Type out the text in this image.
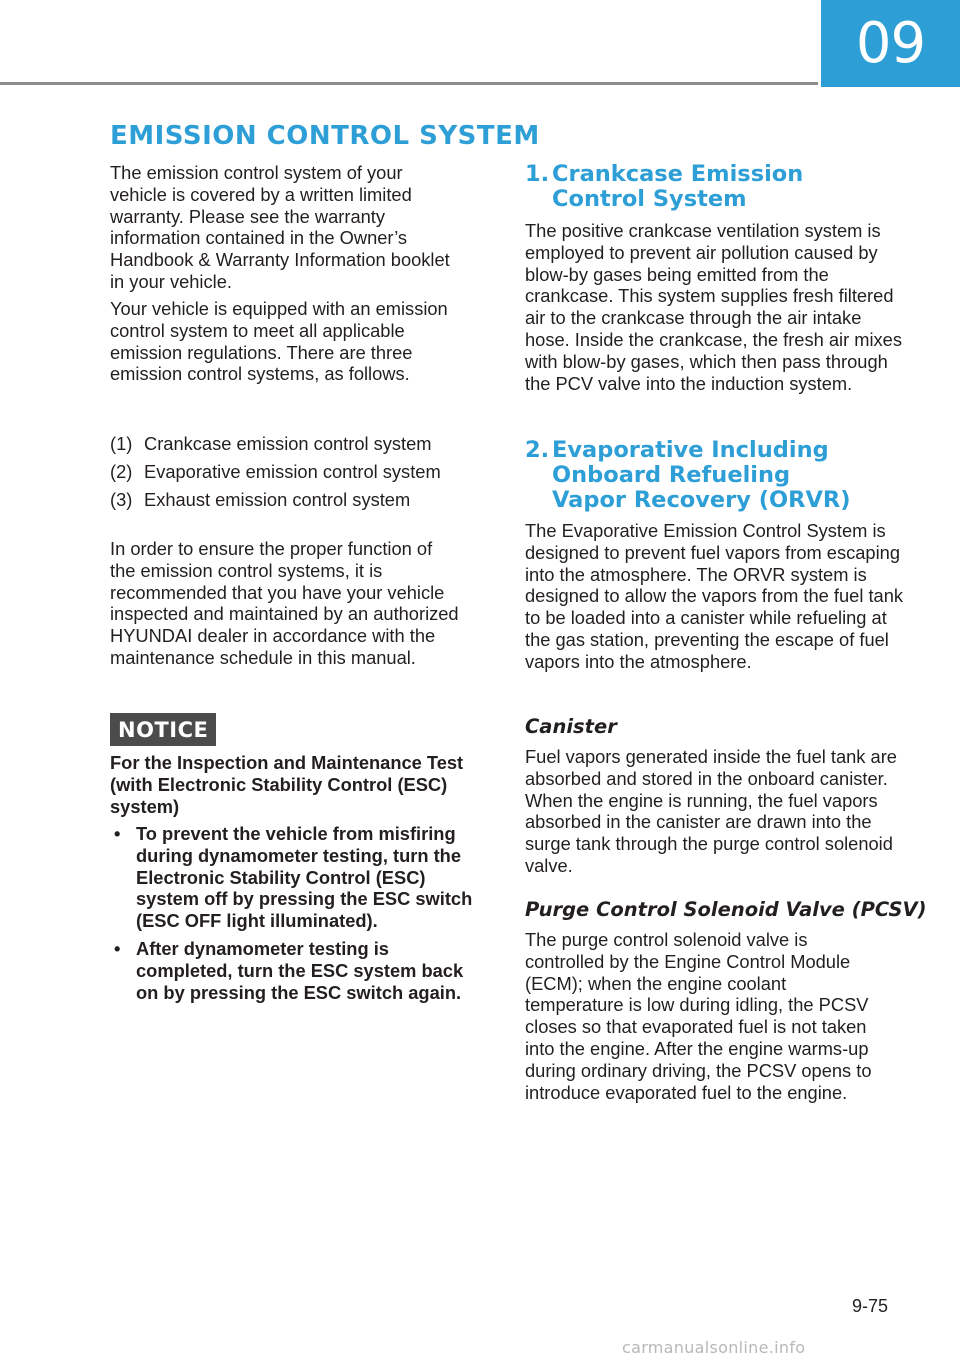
09
EMISSION CONTROL SYSTEM

The emission control system of your vehicle is covered by a written limited warranty. Please see the warranty information contained in the Owner’s Handbook & Warranty Information booklet in your vehicle.

Your vehicle is equipped with an emission control system to meet all applicable emission regulations. There are three emission control systems, as follows.

(1) Crankcase emission control system
(2) Evaporative emission control system
(3) Exhaust emission control system

In order to ensure the proper function of the emission control systems, it is recommended that you have your vehicle inspected and maintained by an authorized HYUNDAI dealer in accordance with the maintenance schedule in this manual.

NOTICE

For the Inspection and Maintenance Test (with Electronic Stability Control (ESC) system)

• To prevent the vehicle from misfiring during dynamometer testing, turn the Electronic Stability Control (ESC) system off by pressing the ESC switch (ESC OFF light illuminated).
• After dynamometer testing is completed, turn the ESC system back on by pressing the ESC switch again.
1. Crankcase Emission Control System

The positive crankcase ventilation system is employed to prevent air pollution caused by blow-by gases being emitted from the crankcase. This system supplies fresh filtered air to the crankcase through the air intake hose. Inside the crankcase, the fresh air mixes with blow-by gases, which then pass through the PCV valve into the induction system.

2. Evaporative Including Onboard Refueling Vapor Recovery (ORVR)

The Evaporative Emission Control System is designed to prevent fuel vapors from escaping into the atmosphere. The ORVR system is designed to allow the vapors from the fuel tank to be loaded into a canister while refueling at the gas station, preventing the escape of fuel vapors into the atmosphere.

Canister

Fuel vapors generated inside the fuel tank are absorbed and stored in the onboard canister. When the engine is running, the fuel vapors absorbed in the canister are drawn into the surge tank through the purge control solenoid valve.

Purge Control Solenoid Valve (PCSV)

The purge control solenoid valve is controlled by the Engine Control Module (ECM); when the engine coolant temperature is low during idling, the PCSV closes so that evaporated fuel is not taken into the engine. After the engine warms-up during ordinary driving, the PCSV opens to introduce evaporated fuel to the engine.

9-75
carmanualsonline.info
